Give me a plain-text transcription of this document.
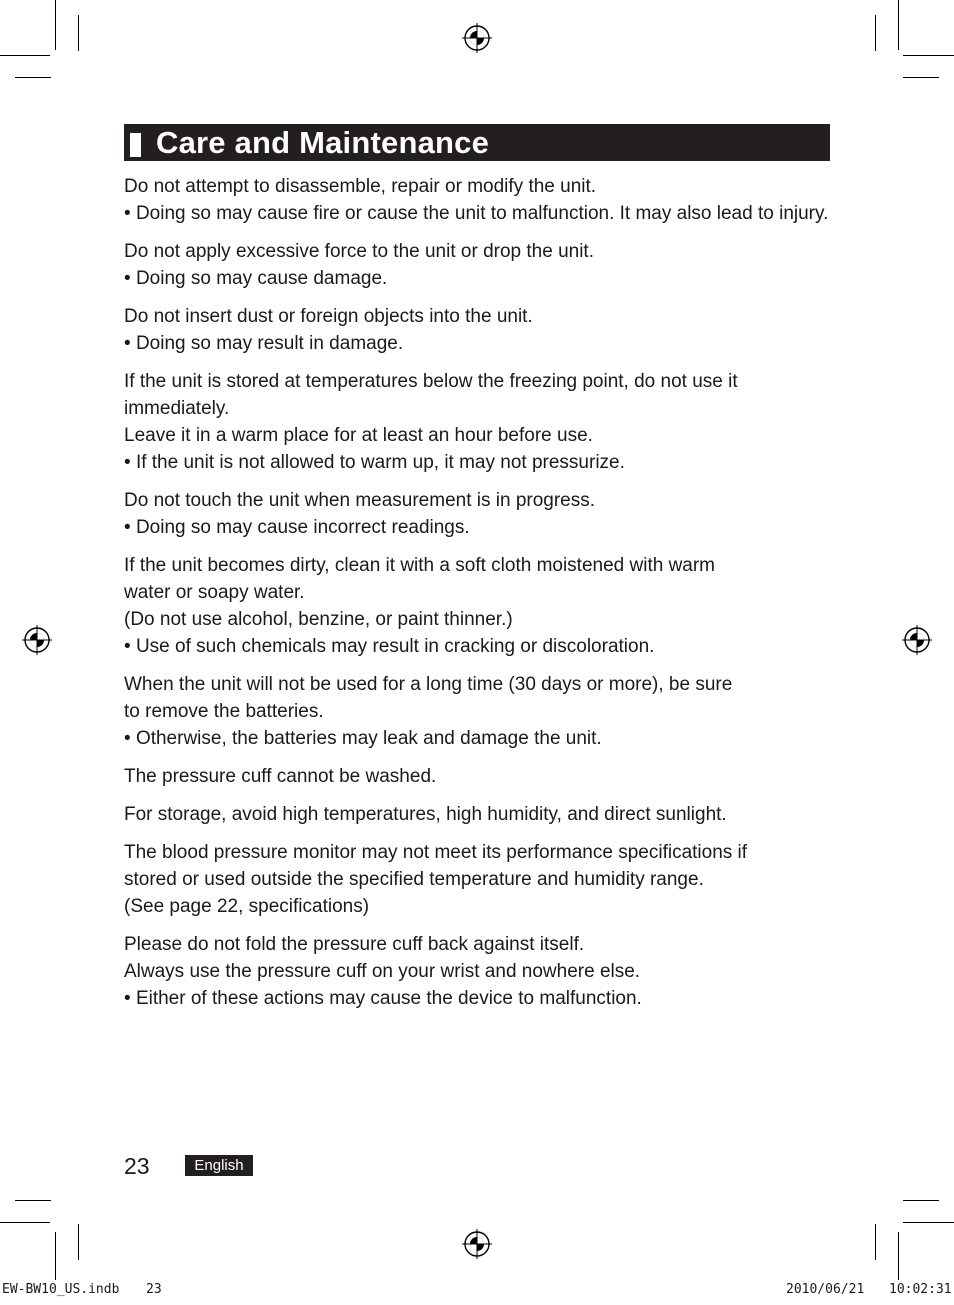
Care and Maintenance
Do not attempt to disassemble, repair or modify the unit.
• Doing so may cause fire or cause the unit to malfunction. It may also lead to injury.
Do not apply excessive force to the unit or drop the unit.
• Doing so may cause damage.
Do not insert dust or foreign objects into the unit.
• Doing so may result in damage.
If the unit is stored at temperatures below the freezing point, do not use it
immediately.
Leave it in a warm place for at least an hour before use.
• If the unit is not allowed to warm up, it may not pressurize.
Do not touch the unit when measurement is in progress.
• Doing so may cause incorrect readings.
If the unit becomes dirty, clean it with a soft cloth moistened with warm
water or soapy water.
(Do not use alcohol, benzine, or paint thinner.)
• Use of such chemicals may result in cracking or discoloration.
When the unit will not be used for a long time (30 days or more), be sure
to remove the batteries.
• Otherwise, the batteries may leak and damage the unit.
The pressure cuff cannot be washed.
For storage, avoid high temperatures, high humidity, and direct sunlight.
The blood pressure monitor may not meet its performance specifications if
stored or used outside the specified temperature and humidity range.
(See page 22, specifications)
Please do not fold the pressure cuff back against itself.
Always use the pressure cuff on your wrist and nowhere else.
• Either of these actions may cause the device to malfunction.
23	English
EW-BW10_US.indb 23	2010/06/21 10:02:31
